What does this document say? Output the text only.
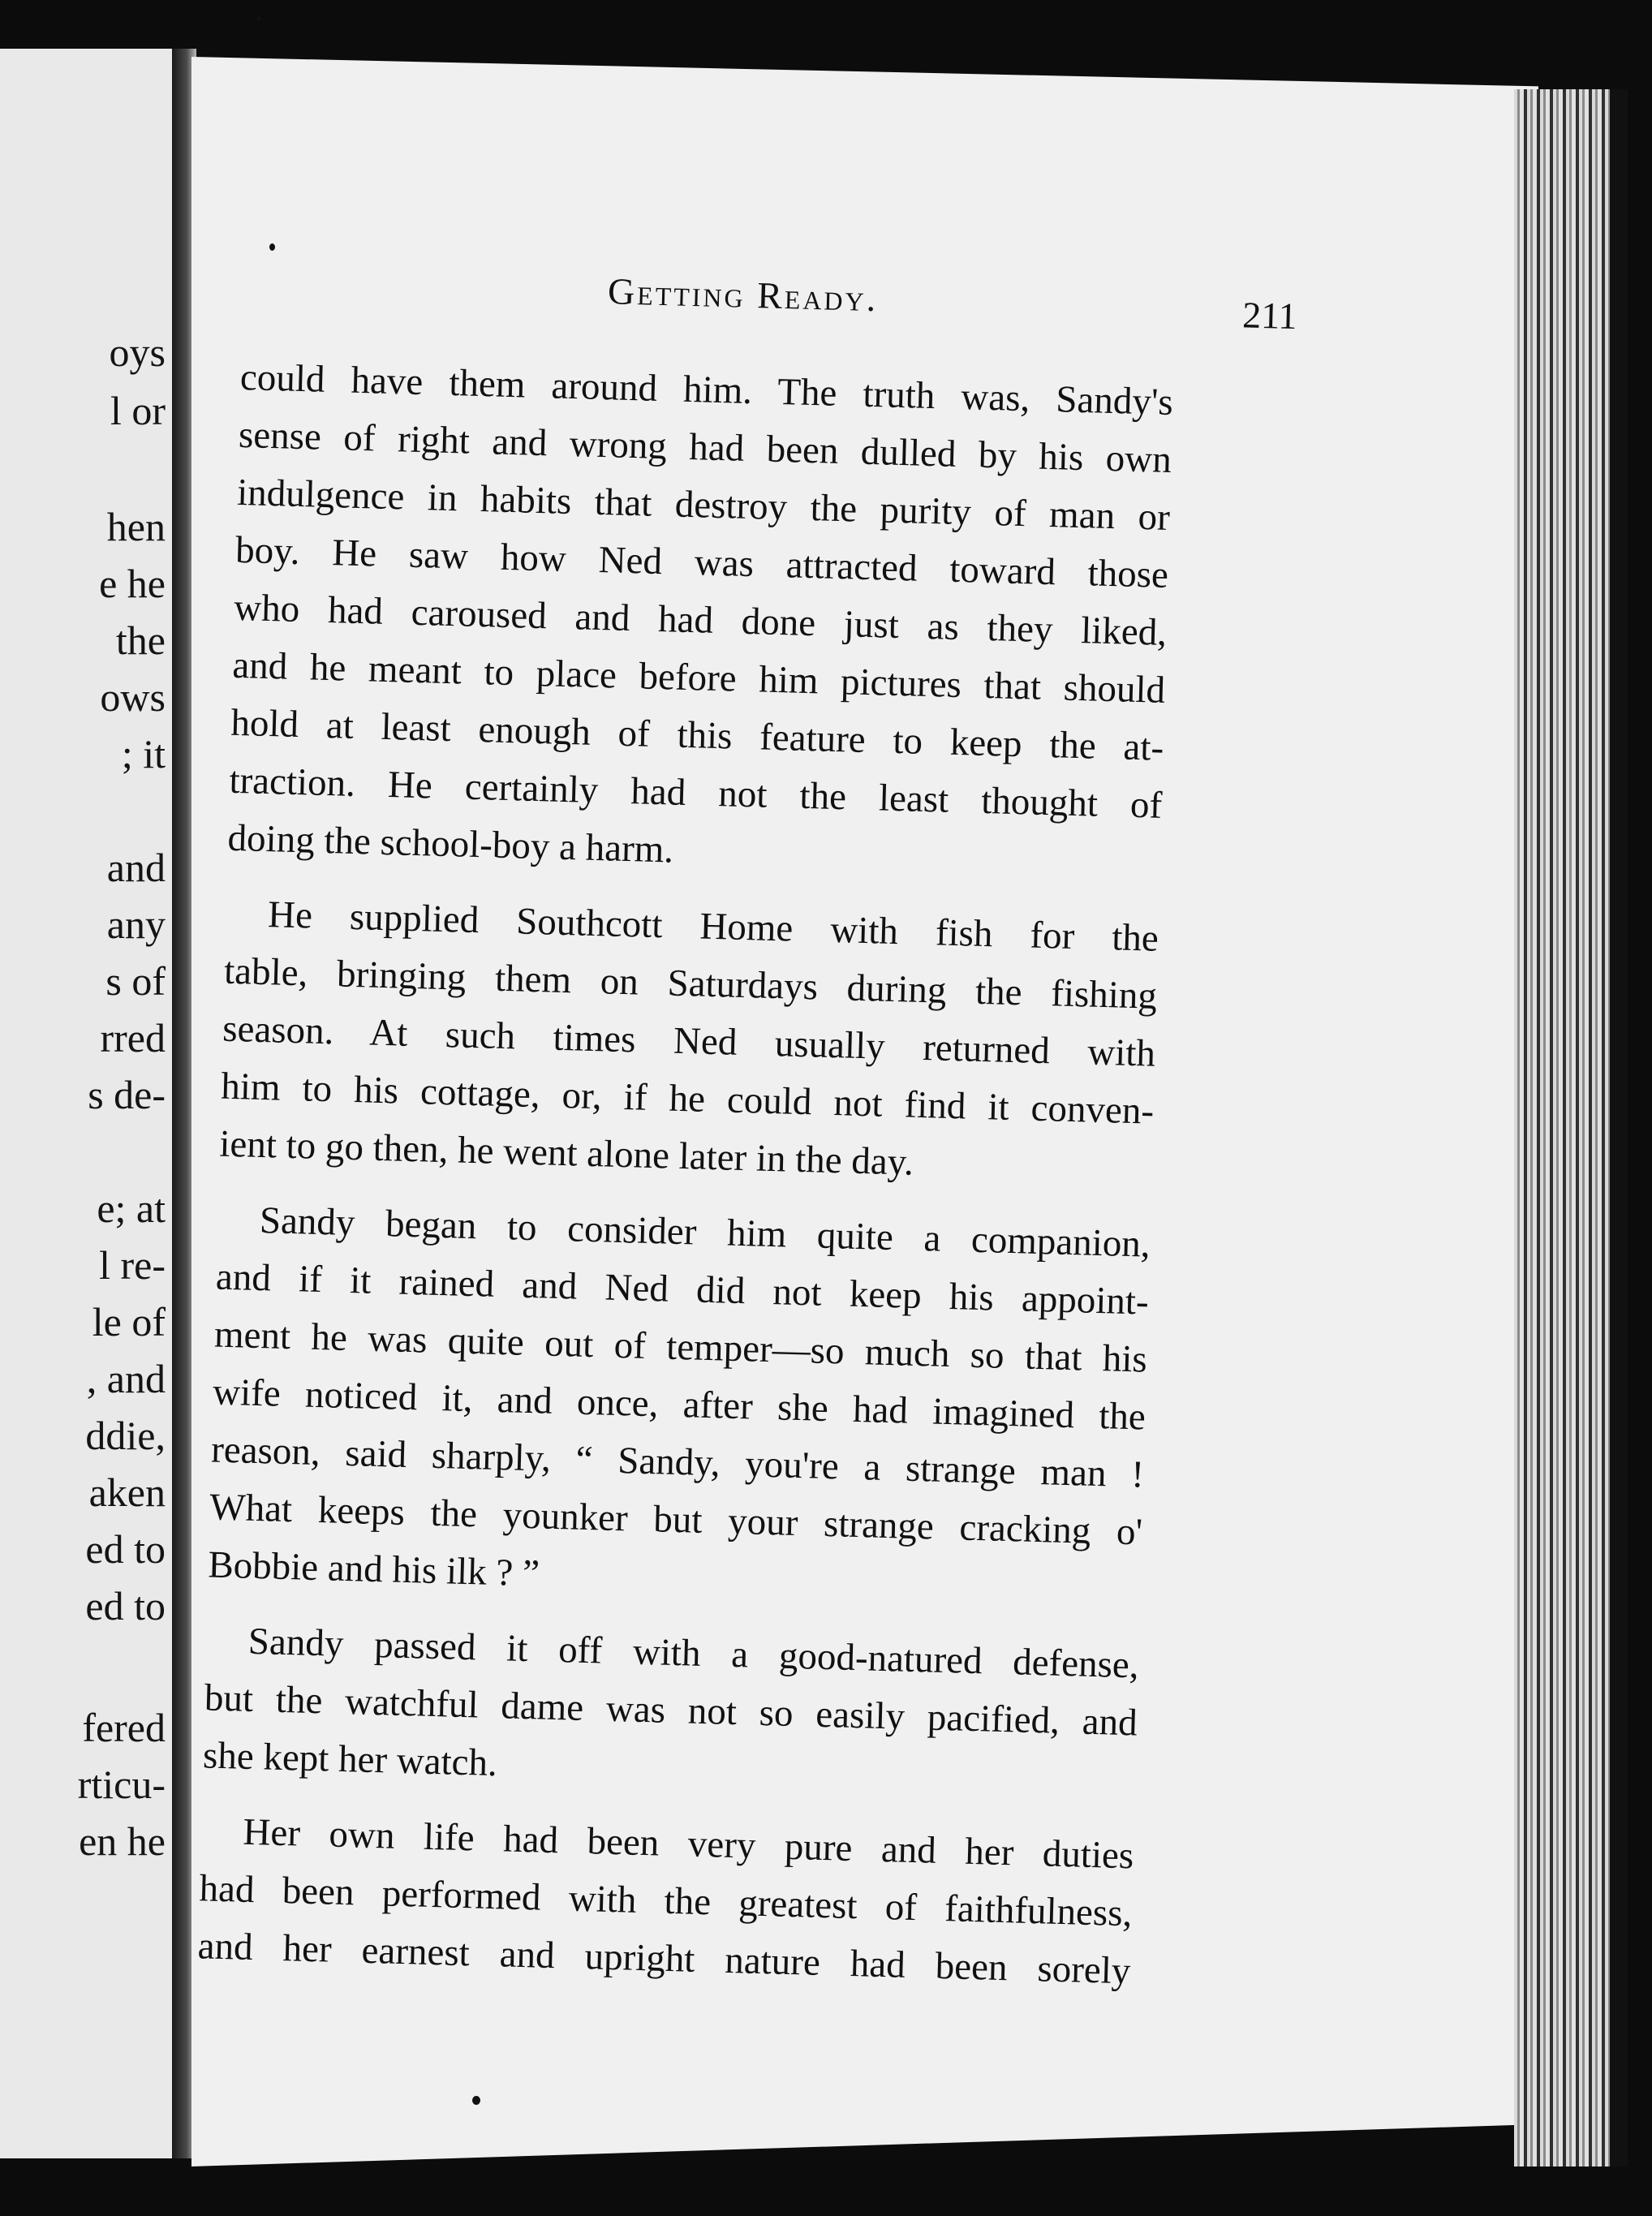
oys
l or
hen
e he
the
ows
; it
and
any
s of
rred
s de-
e; at
l re-
le of
, and
ddie,
aken
ed to
ed to
fered
rticu-
en he
Getting Ready.	211
could have them around him. The truth was, Sandy's
sense of right and wrong had been dulled by his own
indulgence in habits that destroy the purity of man or
boy. He saw how Ned was attracted toward those
who had caroused and had done just as they liked,
and he meant to place before him pictures that should
hold at least enough of this feature to keep the at-
traction. He certainly had not the least thought of
doing the school-boy a harm.
He supplied Southcott Home with fish for the
table, bringing them on Saturdays during the fishing
season. At such times Ned usually returned with
him to his cottage, or, if he could not find it conven-
ient to go then, he went alone later in the day.
Sandy began to consider him quite a companion,
and if it rained and Ned did not keep his appoint-
ment he was quite out of temper—so much so that his
wife noticed it, and once, after she had imagined the
reason, said sharply, “ Sandy, you're a strange man !
What keeps the younker but your strange cracking o'
Bobbie and his ilk ? ”
Sandy passed it off with a good-natured defense,
but the watchful dame was not so easily pacified, and
she kept her watch.
Her own life had been very pure and her duties
had been performed with the greatest of faithfulness,
and her earnest and upright nature had been sorely
